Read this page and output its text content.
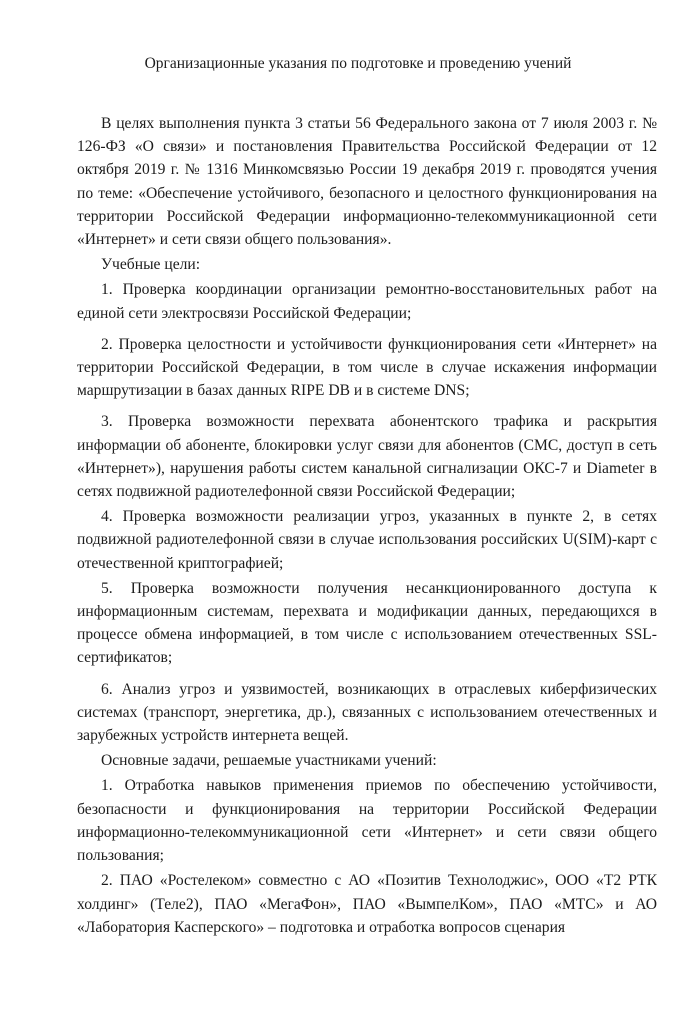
Организационные указания по подготовке и проведению учений

В целях выполнения пункта 3 статьи 56 Федерального закона от 7 июля 2003 г. № 126-ФЗ «О связи» и постановления Правительства Российской Федерации от 12 октября 2019 г. № 1316 Минкомсвязью России 19 декабря 2019 г. проводятся учения по теме: «Обеспечение устойчивого, безопасного и целостного функционирования на территории Российской Федерации информационно-телекоммуникационной сети «Интернет» и сети связи общего пользования».

Учебные цели:

1. Проверка координации организации ремонтно-восстановительных работ на единой сети электросвязи Российской Федерации;

2. Проверка целостности и устойчивости функционирования сети «Интернет» на территории Российской Федерации, в том числе в случае искажения информации маршрутизации в базах данных RIPE DB и в системе DNS;

3. Проверка возможности перехвата абонентского трафика и раскрытия информации об абоненте, блокировки услуг связи для абонентов (СМС, доступ в сеть «Интернет»), нарушения работы систем канальной сигнализации ОКС-7 и Diameter в сетях подвижной радиотелефонной связи Российской Федерации;

4. Проверка возможности реализации угроз, указанных в пункте 2, в сетях подвижной радиотелефонной связи в случае использования российских U(SIM)-карт с отечественной криптографией;

5. Проверка возможности получения несанкционированного доступа к информационным системам, перехвата и модификации данных, передающихся в процессе обмена информацией, в том числе с использованием отечественных SSL-сертификатов;

6. Анализ угроз и уязвимостей, возникающих в отраслевых киберфизических системах (транспорт, энергетика, др.), связанных с использованием отечественных и зарубежных устройств интернета вещей.

Основные задачи, решаемые участниками учений:

1. Отработка навыков применения приемов по обеспечению устойчивости, безопасности и функционирования на территории Российской Федерации информационно-телекоммуникационной сети «Интернет» и сети связи общего пользования;

2. ПАО «Ростелеком» совместно с АО «Позитив Технолоджис», ООО «Т2 РТК холдинг» (Теле2), ПАО «МегаФон», ПАО «ВымпелКом», ПАО «МТС» и АО «Лаборатория Касперского» – подготовка и отработка вопросов сценария
